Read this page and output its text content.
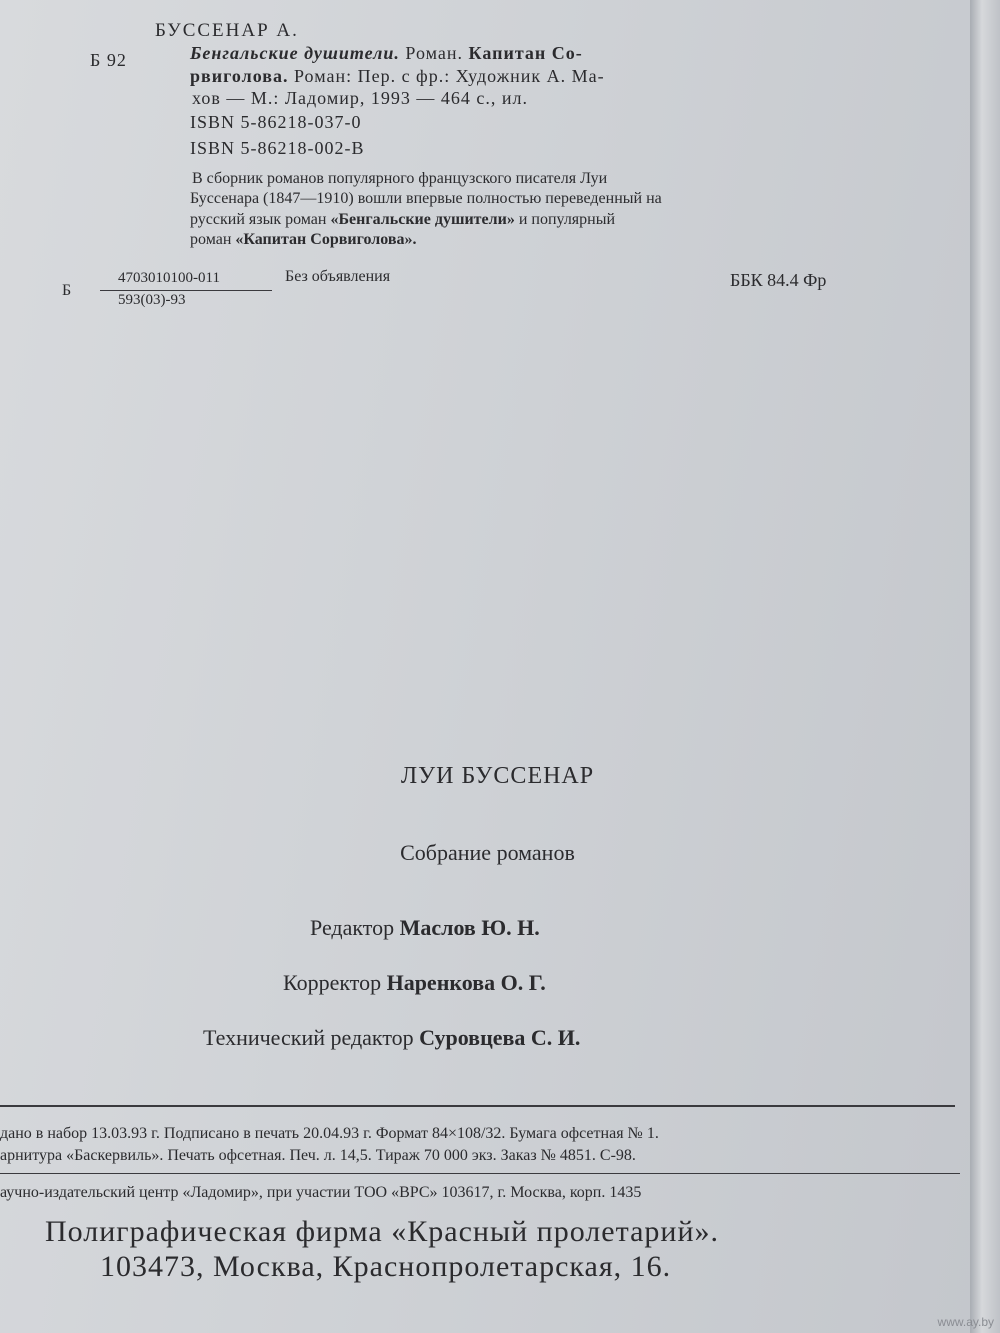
БУССЕНАР А.
Б 92	Бенгальские душители. Роман. Капитан Со-
рвиголова. Роман: Пер. с фр.: Художник А. Ма-
хов — М.: Ладомир, 1993 — 464 с., ил.
ISBN 5-86218-037-0
ISBN 5-86218-002-B
В сборник романов популярного французского писателя Луи
Буссенара (1847—1910) вошли впервые полностью переведенный на
русский язык роман «Бенгальские душители» и популярный
роман «Капитан Сорвиголова».
Б
4703010100-011
593(03)-93
Без объявления	ББК 84.4 Фр
ЛУИ БУССЕНАР
Собрание романов
Редактор Маслов Ю. Н.
Корректор Наренкова О. Г.
Технический редактор Суровцева С. И.
дано в набор 13.03.93 г. Подписано в печать 20.04.93 г. Формат 84×108/32. Бумага офсетная № 1.
арнитура «Баскервиль». Печать офсетная. Печ. л. 14,5. Тираж 70 000 экз. Заказ № 4851. С-98.
аучно-издательский центр «Ладомир», при участии ТОО «ВРС» 103617, г. Москва, корп. 1435
Полиграфическая фирма «Красный пролетарий».
103473, Москва, Краснопролетарская, 16.
www.ay.by
